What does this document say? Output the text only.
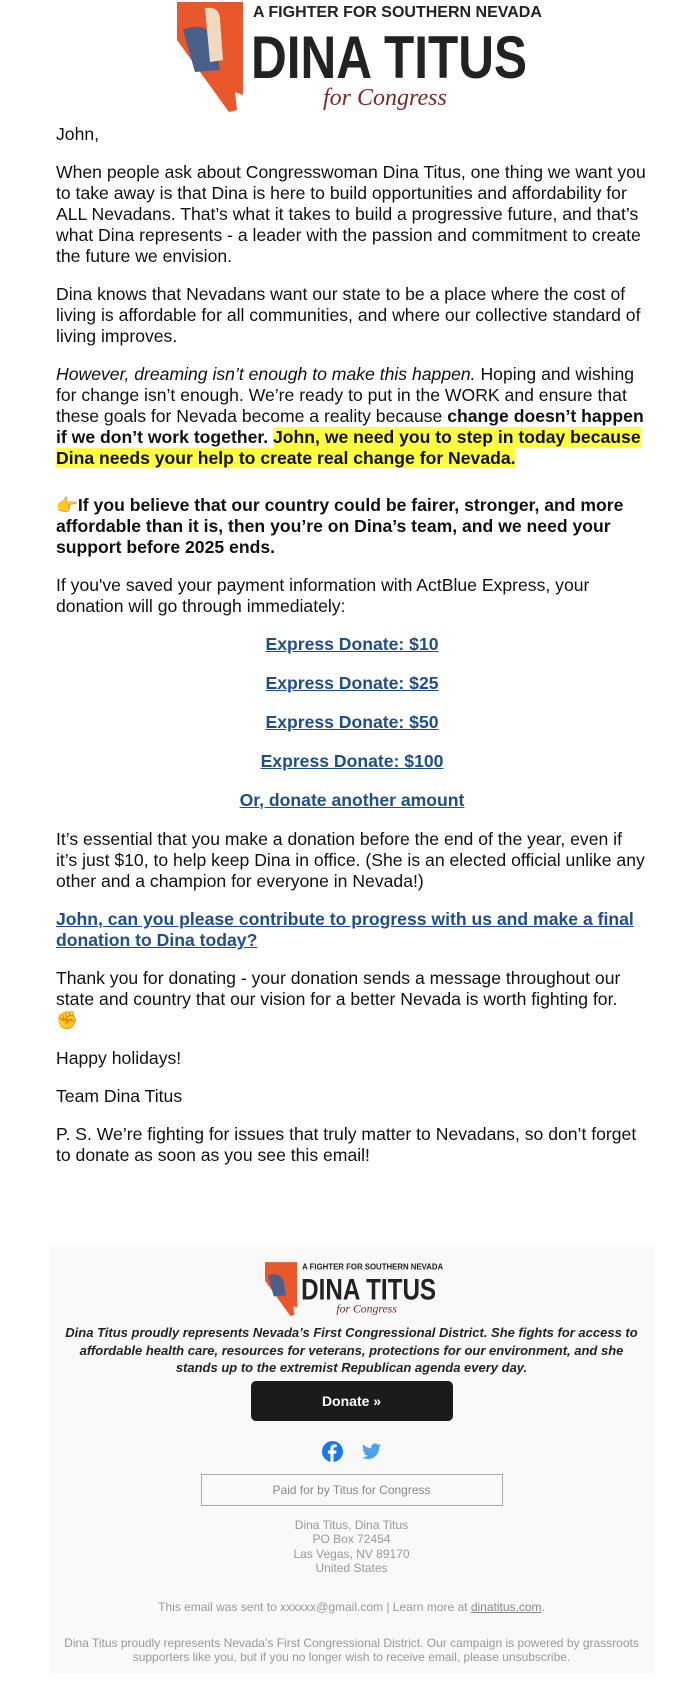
A FIGHTER FOR SOUTHERN NEVADA
DINA TITUS
for Congress

John,

When people ask about Congresswoman Dina Titus, one thing we want you to take away is that Dina is here to build opportunities and affordability for ALL Nevadans. That’s what it takes to build a progressive future, and that’s what Dina represents - a leader with the passion and commitment to create the future we envision.

Dina knows that Nevadans want our state to be a place where the cost of living is affordable for all communities, and where our collective standard of living improves.

However, dreaming isn’t enough to make this happen. Hoping and wishing for change isn’t enough. We’re ready to put in the WORK and ensure that these goals for Nevada become a reality because change doesn’t happen if we don’t work together. John, we need you to step in today because Dina needs your help to create real change for Nevada.

👉If you believe that our country could be fairer, stronger, and more affordable than it is, then you’re on Dina’s team, and we need your support before 2025 ends.

If you've saved your payment information with ActBlue Express, your donation will go through immediately:

Express Donate: $10

Express Donate: $25

Express Donate: $50

Express Donate: $100

Or, donate another amount

It’s essential that you make a donation before the end of the year, even if it’s just $10, to help keep Dina in office. (She is an elected official unlike any other and a champion for everyone in Nevada!)

John, can you please contribute to progress with us and make a final donation to Dina today?

Thank you for donating - your donation sends a message throughout our state and country that our vision for a better Nevada is worth fighting for.
✊

Happy holidays!

Team Dina Titus

P. S. We’re fighting for issues that truly matter to Nevadans, so don’t forget to donate as soon as you see this email!

A FIGHTER FOR SOUTHERN NEVADA
DINA TITUS
for Congress
Dina Titus proudly represents Nevada’s First Congressional District. She fights for access to affordable health care, resources for veterans, protections for our environment, and she stands up to the extremist Republican agenda every day.
Donate »
Paid for by Titus for Congress
Dina Titus, Dina Titus
PO Box 72454
Las Vegas, NV 89170
United States
This email was sent to xxxxxx@gmail.com | Learn more at dinatitus.com.
Dina Titus proudly represents Nevada’s First Congressional District. Our campaign is powered by grassroots supporters like you, but if you no longer wish to receive email, please unsubscribe.
